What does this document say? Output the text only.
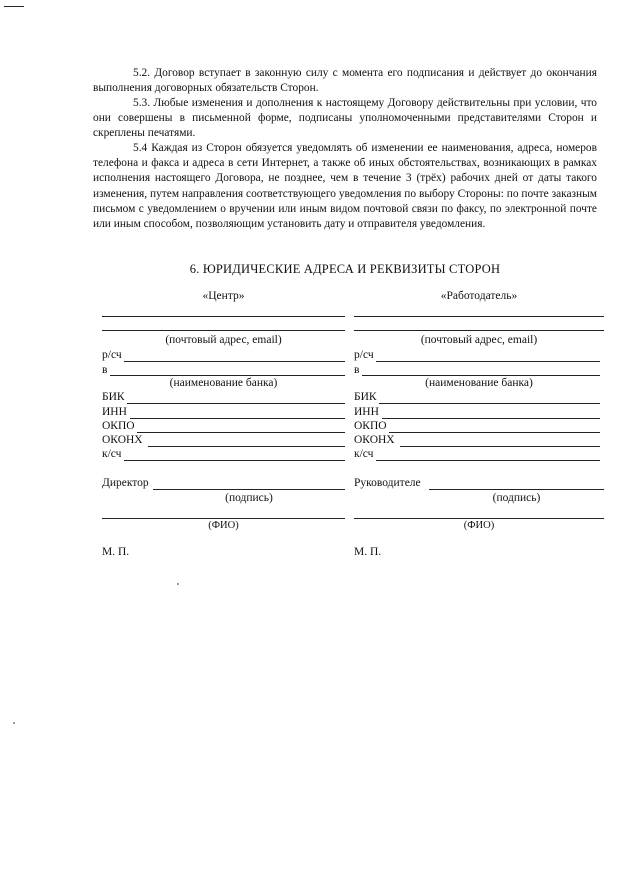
5.2. Договор вступает в законную силу с момента его подписания и действует до окончания выполнения договорных обязательств Сторон.

5.3. Любые изменения и дополнения к настоящему Договору действительны при условии, что они совершены в письменной форме, подписаны уполномоченными представителями Сторон и скреплены печатями.

5.4 Каждая из Сторон обязуется уведомлять об изменении ее наименования, адреса, номеров телефона и факса и адреса в сети Интернет, а также об иных обстоятельствах, возникающих в рамках исполнения настоящего Договора, не позднее, чем в течение 3 (трёх) рабочих дней от даты такого изменения, путем направления соответствующего уведомления по выбору Стороны: по почте заказным письмом с уведомлением о вручении или иным видом почтовой связи по факсу, по электронной почте или иным способом, позволяющим установить дату и отправителя уведомления.

6. ЮРИДИЧЕСКИЕ АДРЕСА И РЕКВИЗИТЫ СТОРОН
«Центр»
(почтовый адрес, email)
р/сч
в
(наименование банка)
БИК
ИНН
ОКПО
ОКОНХ
к/сч
Директор
(подпись)
(ФИО)
М. П.
«Работодатель»
(почтовый адрес, email)
р/сч
в
(наименование банка)
БИК
ИНН
ОКПО
ОКОНХ
к/сч
Руководителе
(подпись)
(ФИО)
М. П.
